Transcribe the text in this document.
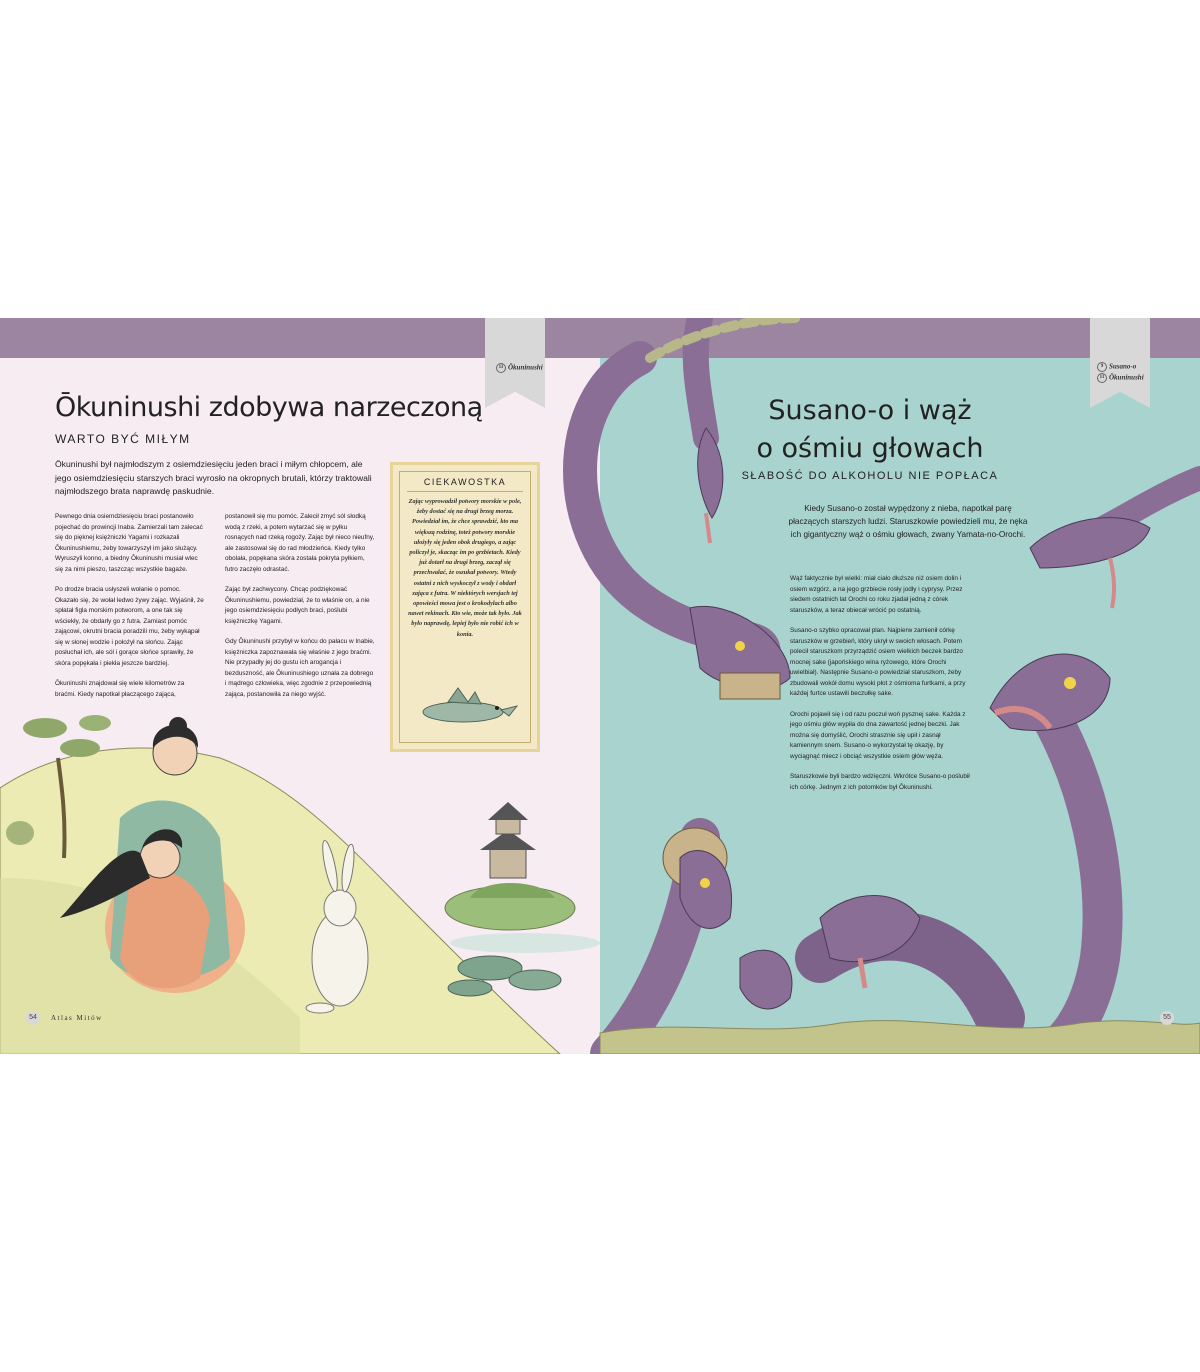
11 Ōkuninushi	9 Susano-o
11 Ōkuninushi
Ōkuninushi zdobywa narzeczoną
WARTO BYĆ MIŁYM
Ōkuninushi był najmłodszym z osiemdziesięciu jeden braci i miłym chłopcem, ale jego osiemdziesięciu starszych braci wyrosło na okropnych brutali, którzy traktowali najmłodszego brata naprawdę paskudnie.

Pewnego dnia osiemdziesięciu braci postanowiło pojechać do prowincji Inaba. Zamierzali tam zalecać się do pięknej księżniczki Yagami i rozkazali Ōkuninushiemu, żeby towarzyszył im jako służący. Wyruszyli konno, a biedny Ōkuninushi musiał wlec się za nimi pieszo, taszcząc wszystkie bagaże.

Po drodze bracia usłyszeli wołanie o pomoc. Okazało się, że wołał ledwo żywy zając. Wyjaśnił, że spłatał figla morskim potworom, a one tak się wściekły, że obdarły go z futra. Zamiast pomóc zającowi, okrutni bracia poradzili mu, żeby wykąpał się w słonej wodzie i położył na słońcu. Zając posłuchał ich, ale sól i gorące słońce sprawiły, że skóra popękała i piekła jeszcze bardziej.

Ōkuninushi znajdował się wiele kilometrów za braćmi. Kiedy napotkał płaczącego zająca,

postanowił się mu pomóc. Zalecił zmyć sól słodką wodą z rzeki, a potem wytarzać się w pyłku rosnących nad rzeką rogoży. Zając był nieco nieufny, ale zastosował się do rad młodzieńca. Kiedy tylko obolała, popękana skóra została pokryta pyłkiem, futro zaczęło odrastać.

Zając był zachwycony. Chcąc podziękować Ōkuninushiemu, powiedział, że to właśnie on, a nie jego osiemdziesięciu podłych braci, poślubi księżniczkę Yagami.

Gdy Ōkuninushi przybył w końcu do pałacu w Inabie, księżniczka zapoznawała się właśnie z jego braćmi. Nie przypadły jej do gustu ich arogancja i bezduszność, ale Ōkuninushiego uznała za dobrego i mądrego człowieka, więc zgodnie z przepowiednią zająca, postanowiła za niego wyjść.

CIEKAWOSTKA
Zając wyprowadził potwory morskie w pole, żeby dostać się na drugi brzeg morza. Powiedział im, że chce sprawdzić, kto ma większą rodzinę, toteż potwory morskie ułożyły się jeden obok drugiego, a zając policzył je, skacząc im po grzbietach. Kiedy już dotarł na drugi brzeg, zaczął się przechwalać, że oszukał potwory. Wtedy ostatni z nich wyskoczył z wody i obdarł zająca z futra. W niektórych wersjach tej opowieści mowa jest o krokodylach albo nawet rekinach. Kto wie, może tak było. Jak było naprawdę, lepiej było nie robić ich w konia.
54	Atlas Mitów
Susano-o i wąż
o ośmiu głowach
SŁABOŚĆ DO ALKOHOLU NIE POPŁACA
Kiedy Susano-o został wypędzony z nieba, napotkał parę płaczących starszych ludzi. Staruszkowie powiedzieli mu, że nęka ich gigantyczny wąż o ośmiu głowach, zwany Yamata-no-Orochi.

Wąż faktycznie był wielki: miał ciało dłuższe niż osiem dolin i osiem wzgórz, a na jego grzbiecie rosły jodły i cyprysy. Przez siedem ostatnich lat Orochi co roku zjadał jedną z córek staruszków, a teraz obiecał wrócić po ostatnią.

Susano-o szybko opracował plan. Najpierw zamienił córkę staruszków w grzebień, który ukrył w swoich włosach. Potem polecił staruszkom przyrządzić osiem wielkich beczek bardzo mocnej sake (japońskiego wina ryżowego, które Orochi uwielbiał). Następnie Susano-o powiedział staruszkom, żeby zbudowali wokół domu wysoki płot z ośmioma furtkami, a przy każdej furtce ustawili beczułkę sake.

Orochi pojawił się i od razu poczuł woń pysznej sake. Każda z jego ośmiu głów wypiła do dna zawartość jednej beczki. Jak można się domyślić, Orochi strasznie się upił i zasnął kamiennym snem. Susano-o wykorzystał tę okazję, by wyciągnąć miecz i obciąć wszystkie osiem głów węża.

Staruszkowie byli bardzo wdzięczni. Wkrótce Susano-o poślubił ich córkę. Jednym z ich potomków był Ōkuninushi.

55
